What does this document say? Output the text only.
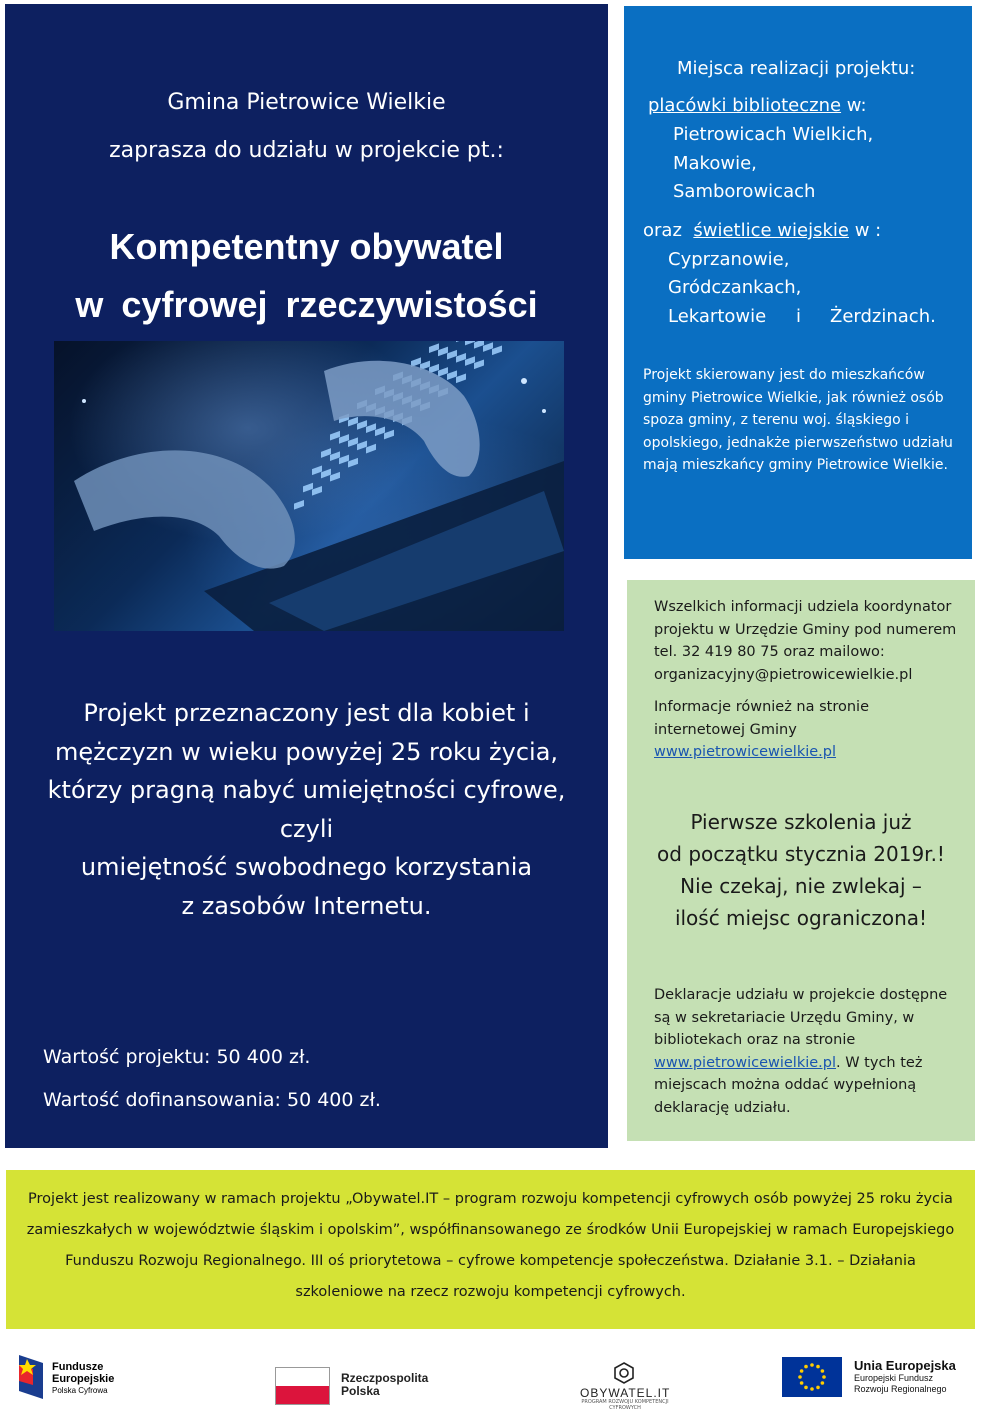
Gmina Pietrowice Wielkie
zaprasza do udziału w projekcie pt.:
Kompetentny obywatel
w cyfrowej rzeczywistości
Projekt przeznaczony jest dla kobiet i
mężczyzn w wieku powyżej 25 roku życia,
którzy pragną nabyć umiejętności cyfrowe,
czyli
umiejętność swobodnego korzystania
z zasobów Internetu.
Wartość projektu: 50 400 zł.
Wartość dofinansowania: 50 400 zł.
Miejsca realizacji projektu:
placówki biblioteczne w:
Pietrowicach Wielkich,
Makowie,
Samborowicach
oraz świetlice wiejskie w :
Cyprzanowie,
Gródczankach,
Lekartowie i Żerdzinach.
Projekt skierowany jest do mieszkańców gminy Pietrowice Wielkie, jak również osób spoza gminy, z terenu woj. śląskiego i opolskiego, jednakże pierwszeństwo udziału mają mieszkańcy gminy Pietrowice Wielkie.
Wszelkich informacji udziela koordynator projektu w Urzędzie Gminy pod numerem tel. 32 419 80 75 oraz mailowo: organizacyjny@pietrowicewielkie.pl
Informacje również na stronie internetowej Gminy
www.pietrowicewielkie.pl
Pierwsze szkolenia już
od początku stycznia 2019r.!
Nie czekaj, nie zwlekaj –
ilość miejsc ograniczona!
Deklaracje udziału w projekcie dostępne są w sekretariacie Urzędu Gminy, w bibliotekach oraz na stronie www.pietrowicewielkie.pl. W tych też miejscach można oddać wypełnioną deklarację udziału.
Projekt jest realizowany w ramach projektu „Obywatel.IT – program rozwoju kompetencji cyfrowych osób powyżej 25 roku życia zamieszkałych w województwie śląskim i opolskim”, współfinansowanego ze środków Unii Europejskiej w ramach Europejskiego Funduszu Rozwoju Regionalnego. III oś priorytetowa – cyfrowe kompetencje społeczeństwa. Działanie 3.1. – Działania szkoleniowe na rzecz rozwoju kompetencji cyfrowych.
Fundusze
Europejskie
Polska Cyfrowa
Rzeczpospolita
Polska	OBYWATEL.IT
PROGRAM ROZWOJU KOMPETENCJI CYFROWYCH
Unia Europejska
Europejski Fundusz
Rozwoju Regionalnego
